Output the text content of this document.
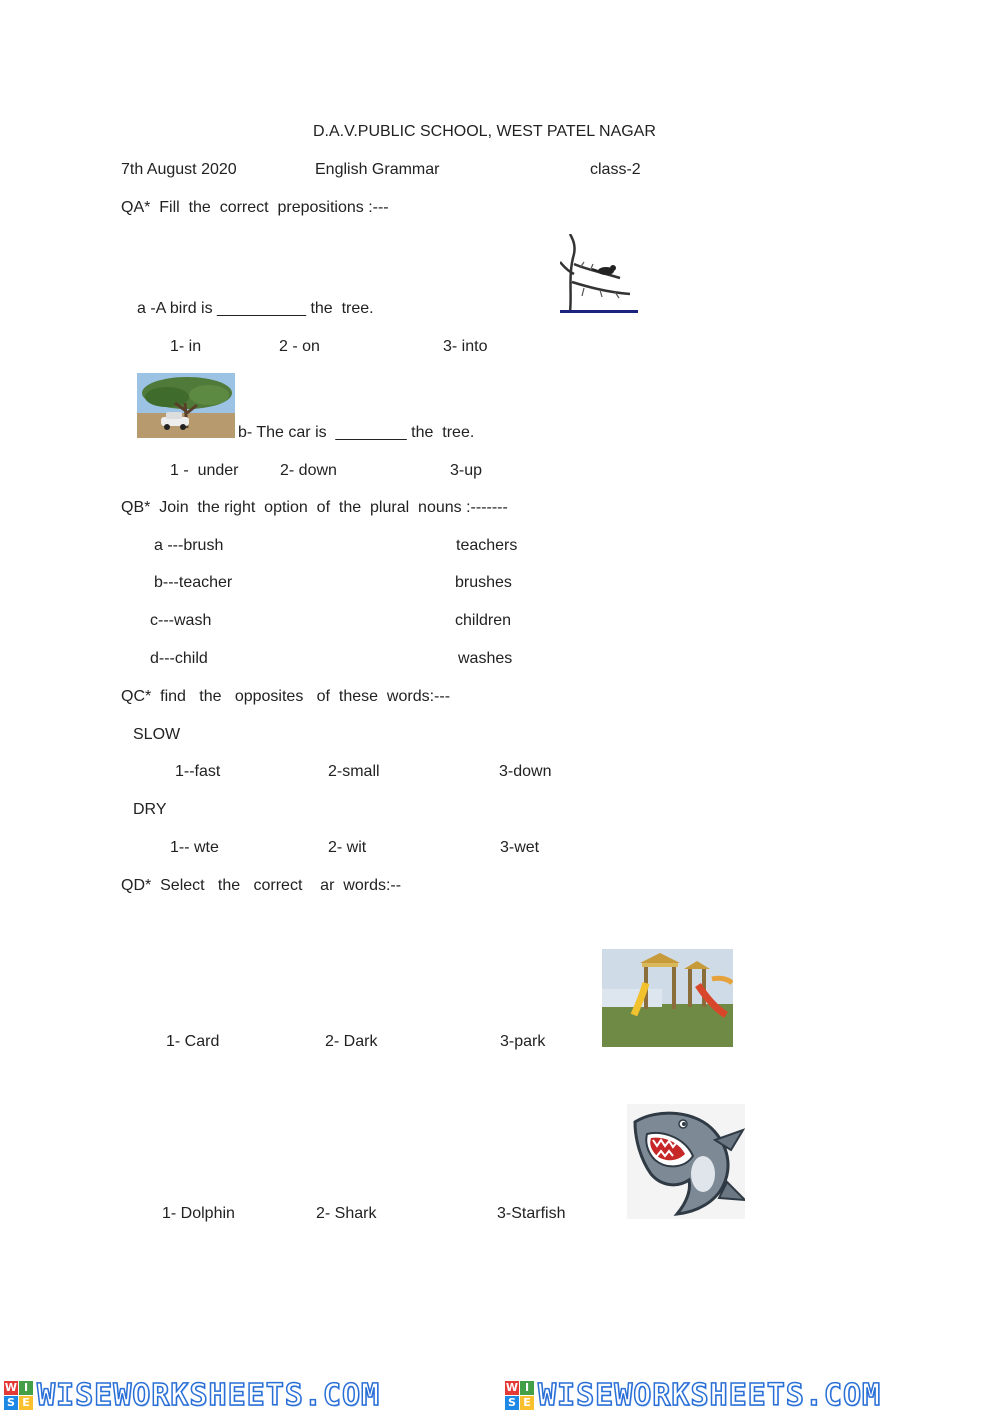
D.A.V.PUBLIC SCHOOL, WEST PATEL NAGAR
7th August 2020	English Grammar	class-2
QA*  Fill  the  correct  prepositions :---
a -A bird is __________ the  tree.
1- in	2 - on	3- into
b- The car is  ________ the  tree.
1 -  under	2- down	3-up
QB*  Join  the right  option  of  the  plural  nouns :-------
a ---brush	teachers
b---teacher	brushes
c---wash	children
d---child	washes
QC*  find   the   opposites   of  these  words:---
SLOW
1--fast	2-small	3-down
DRY
1-- wte	2- wit	3-wet
QD*  Select   the   correct    ar  words:--
1- Card	2- Dark	3-park
1- Dolphin	2- Shark	3-Starfish
W I
S E WISEWORKSHEETS.COM	W I
S E WISEWORKSHEETS.COM
